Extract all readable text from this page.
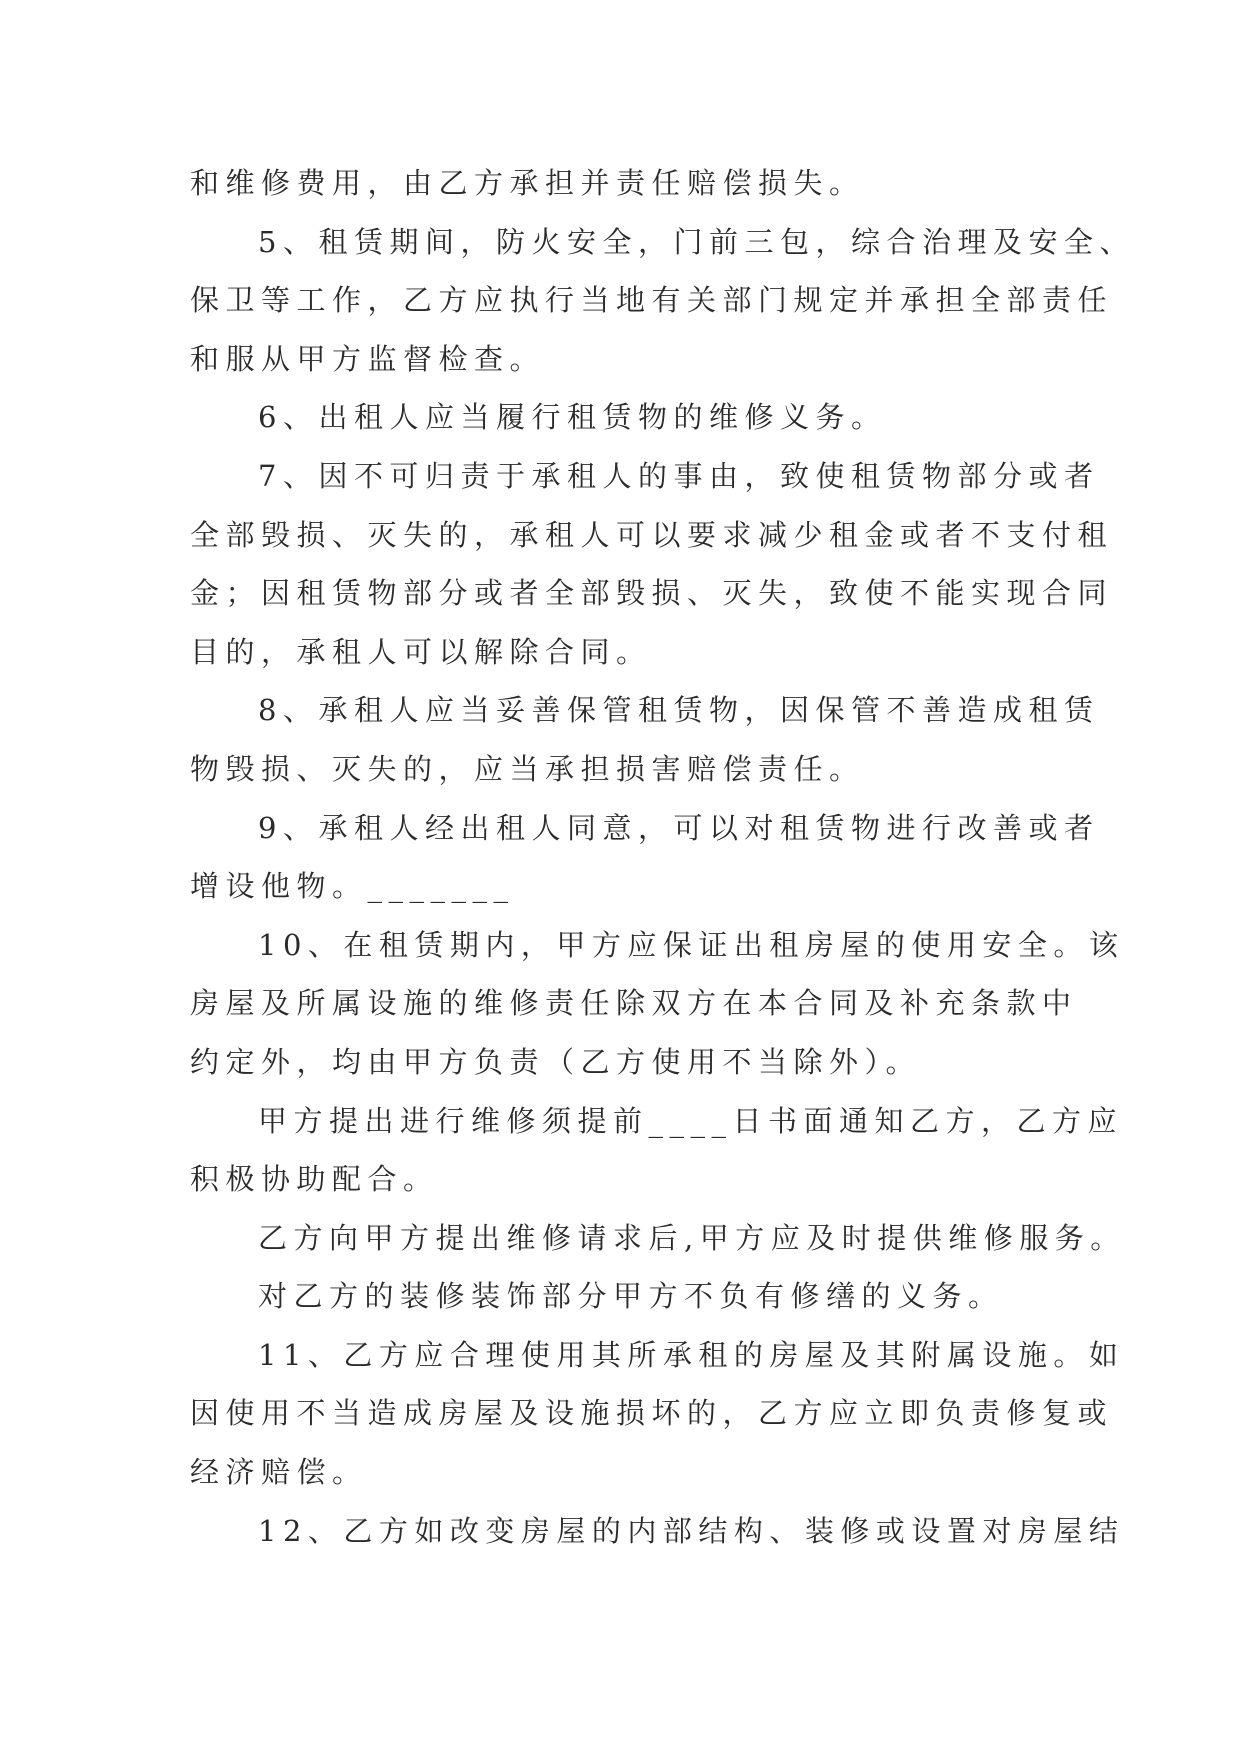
和维修费用，由乙方承担并责任赔偿损失。
5、租赁期间，防火安全，门前三包，综合治理及安全、
保卫等工作，乙方应执行当地有关部门规定并承担全部责任
和服从甲方监督检查。
6、出租人应当履行租赁物的维修义务。
7、因不可归责于承租人的事由，致使租赁物部分或者
全部毁损、灭失的，承租人可以要求减少租金或者不支付租
金；因租赁物部分或者全部毁损、灭失，致使不能实现合同
目的，承租人可以解除合同。
8、承租人应当妥善保管租赁物，因保管不善造成租赁
物毁损、灭失的，应当承担损害赔偿责任。
9、承租人经出租人同意，可以对租赁物进行改善或者
增设他物。_______
10、在租赁期内，甲方应保证出租房屋的使用安全。该
房屋及所属设施的维修责任除双方在本合同及补充条款中
约定外，均由甲方负责（乙方使用不当除外）。
甲方提出进行维修须提前____日书面通知乙方，乙方应
积极协助配合。
乙方向甲方提出维修请求后,甲方应及时提供维修服务。
对乙方的装修装饰部分甲方不负有修缮的义务。
11、乙方应合理使用其所承租的房屋及其附属设施。如
因使用不当造成房屋及设施损坏的，乙方应立即负责修复或
经济赔偿。
12、乙方如改变房屋的内部结构、装修或设置对房屋结
